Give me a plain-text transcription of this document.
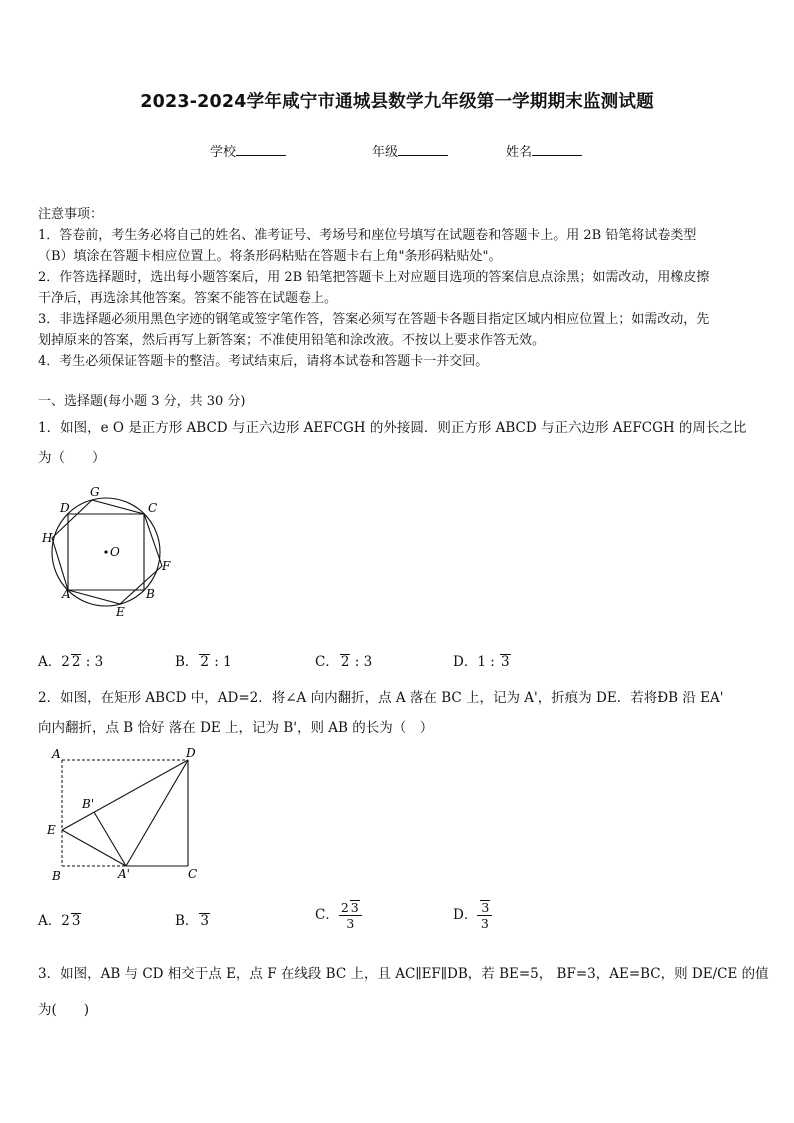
2023-2024学年咸宁市通城县数学九年级第一学期期末监测试题
学校	年级	姓名
注意事项：
1．答卷前，考生务必将自己的姓名、准考证号、考场号和座位号填写在试题卷和答题卡上。用 2B 铅笔将试卷类型
（B）填涂在答题卡相应位置上。将条形码粘贴在答题卡右上角"条形码粘贴处"。
2．作答选择题时，选出每小题答案后，用 2B 铅笔把答题卡上对应题目选项的答案信息点涂黑；如需改动，用橡皮擦
干净后，再选涂其他答案。答案不能答在试题卷上。
3．非选择题必须用黑色字迹的钢笔或签字笔作答，答案必须写在答题卡各题目指定区域内相应位置上；如需改动，先
划掉原来的答案，然后再写上新答案；不准使用铅笔和涂改液。不按以上要求作答无效。
4．考生必须保证答题卡的整洁。考试结束后，请将本试卷和答题卡一并交回。
一、选择题(每小题 3 分，共 30 分)
1．如图，e O 是正方形 ABCD 与正六边形 AEFCGH 的外接圆．则正方形 ABCD 与正六边形 AEFCGH 的周长之比
为（　　）
G
D	C
H
O
F
A	B
E
A．2 2 : 3	B． 2 : 1	C． 2 : 3	D．1 : 3
2．如图，在矩形 ABCD 中，AD=2．将∠A 向内翻折，点 A 落在 BC 上，记为 A'，折痕为 DE．若将ÐB 沿 EA'
向内翻折，点 B 恰好 落在 DE 上，记为 B'，则 AB 的长为（　）
A	D
B'
E
B	A'	C
A．2 3	B． 3	C． $\frac{2 3}{3}$	D． $\frac{3}{3}$
3．如图，AB 与 CD 相交于点 E，点 F 在线段 BC 上，且 AC∥EF∥DB，若 BE=5， BF=3，AE=BC，则 DE/CE 的值
为(　　)
